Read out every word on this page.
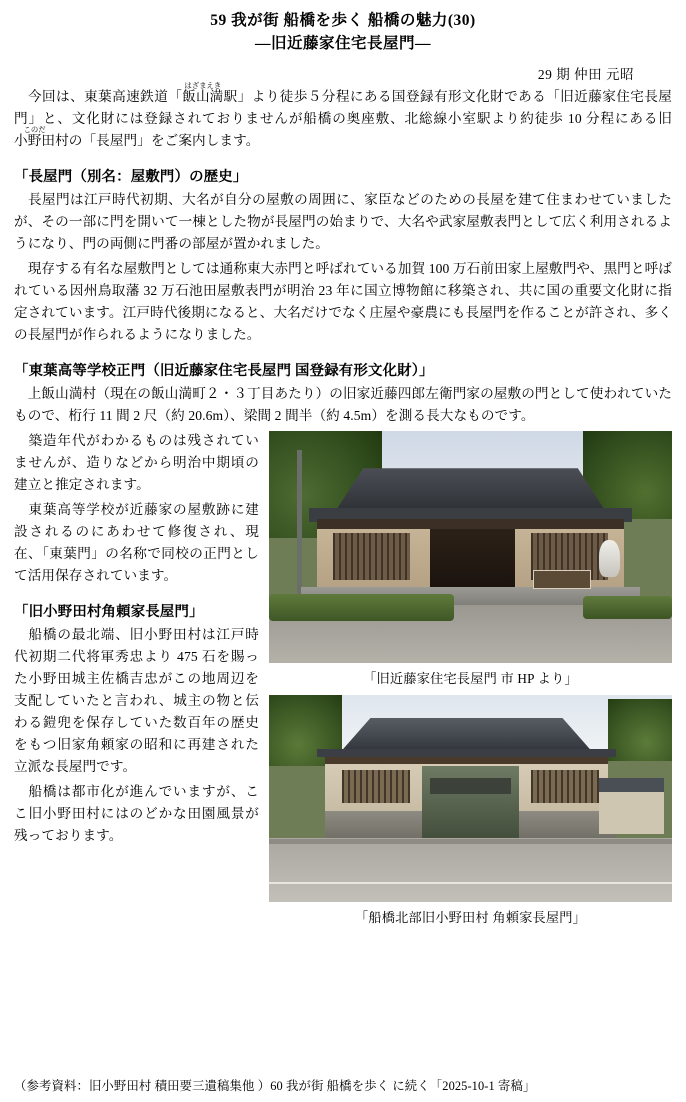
59 我が街 船橋を歩く 船橋の魅力(30)
—旧近藤家住宅長屋門—
29 期 仲田 元昭

　今回は、東葉高速鉄道「飯山満
はざまえき
駅」より徒歩５分程にある国登録有形文化財である「旧近藤家住宅長屋門」と、文化財には登録されておりませんが船橋の奥座敷、北総線小室駅より約徒歩 10 分程にある旧小野田
このだ
村の「長屋門」をご案内します。

「長屋門（別名：屋敷門）の歴史」

　長屋門は江戸時代初期、大名が自分の屋敷の周囲に、家臣などのための長屋を建て住まわせていましたが、その一部に門を開いて一棟とした物が長屋門の始まりで、大名や武家屋敷表門として広く利用されるようになり、門の両側に門番の部屋が置かれました。

　現存する有名な屋敷門としては通称東大赤門と呼ばれている加賀 100 万石前田家上屋敷門や、黒門と呼ばれている因州鳥取藩 32 万石池田屋敷表門が明治 23 年に国立博物館に移築され、共に国の重要文化財に指定されています。江戸時代後期になると、大名だけでなく庄屋や豪農にも長屋門を作ることが許され、多くの長屋門が作られるようになりました。

「東葉高等学校正門（旧近藤家住宅長屋門 国登録有形文化財）」

　上飯山満村（現在の飯山満町２・３丁目あたり）の旧家近藤四郎左衛門家の屋敷の門として使われていたもので、桁行 11 間 2 尺（約 20.6m）、梁間 2 間半（約 4.5m）を測る長大なものです。

「旧近藤家住宅長屋門 市 HP より」

　築造年代がわかるものは残されていませんが、造りなどから明治中期頃の建立と推定されます。

　東葉高等学校が近藤家の屋敷跡に建設されるのにあわせて修復され、現在、「東葉門」の名称で同校の正門として活用保存されています。

「旧小野田村角頼家長屋門」
「船橋北部旧小野田村 角頼家長屋門」

　船橋の最北端、旧小野田村は江戸時代初期二代将軍秀忠より 475 石を賜った小野田城主佐橋吉忠がこの地周辺を支配していたと言われ、城主の物と伝わる鎧兜を保存していた数百年の歴史をもつ旧家角頼家の昭和に再建された立派な長屋門です。

　船橋は都市化が進んでいますが、ここ旧小野田村にはのどかな田園風景が残っております。

（参考資料：旧小野田村 積田要三遺稿集他 ）60 我が街 船橋を歩く に続く「2025-10-1 寄稿」
